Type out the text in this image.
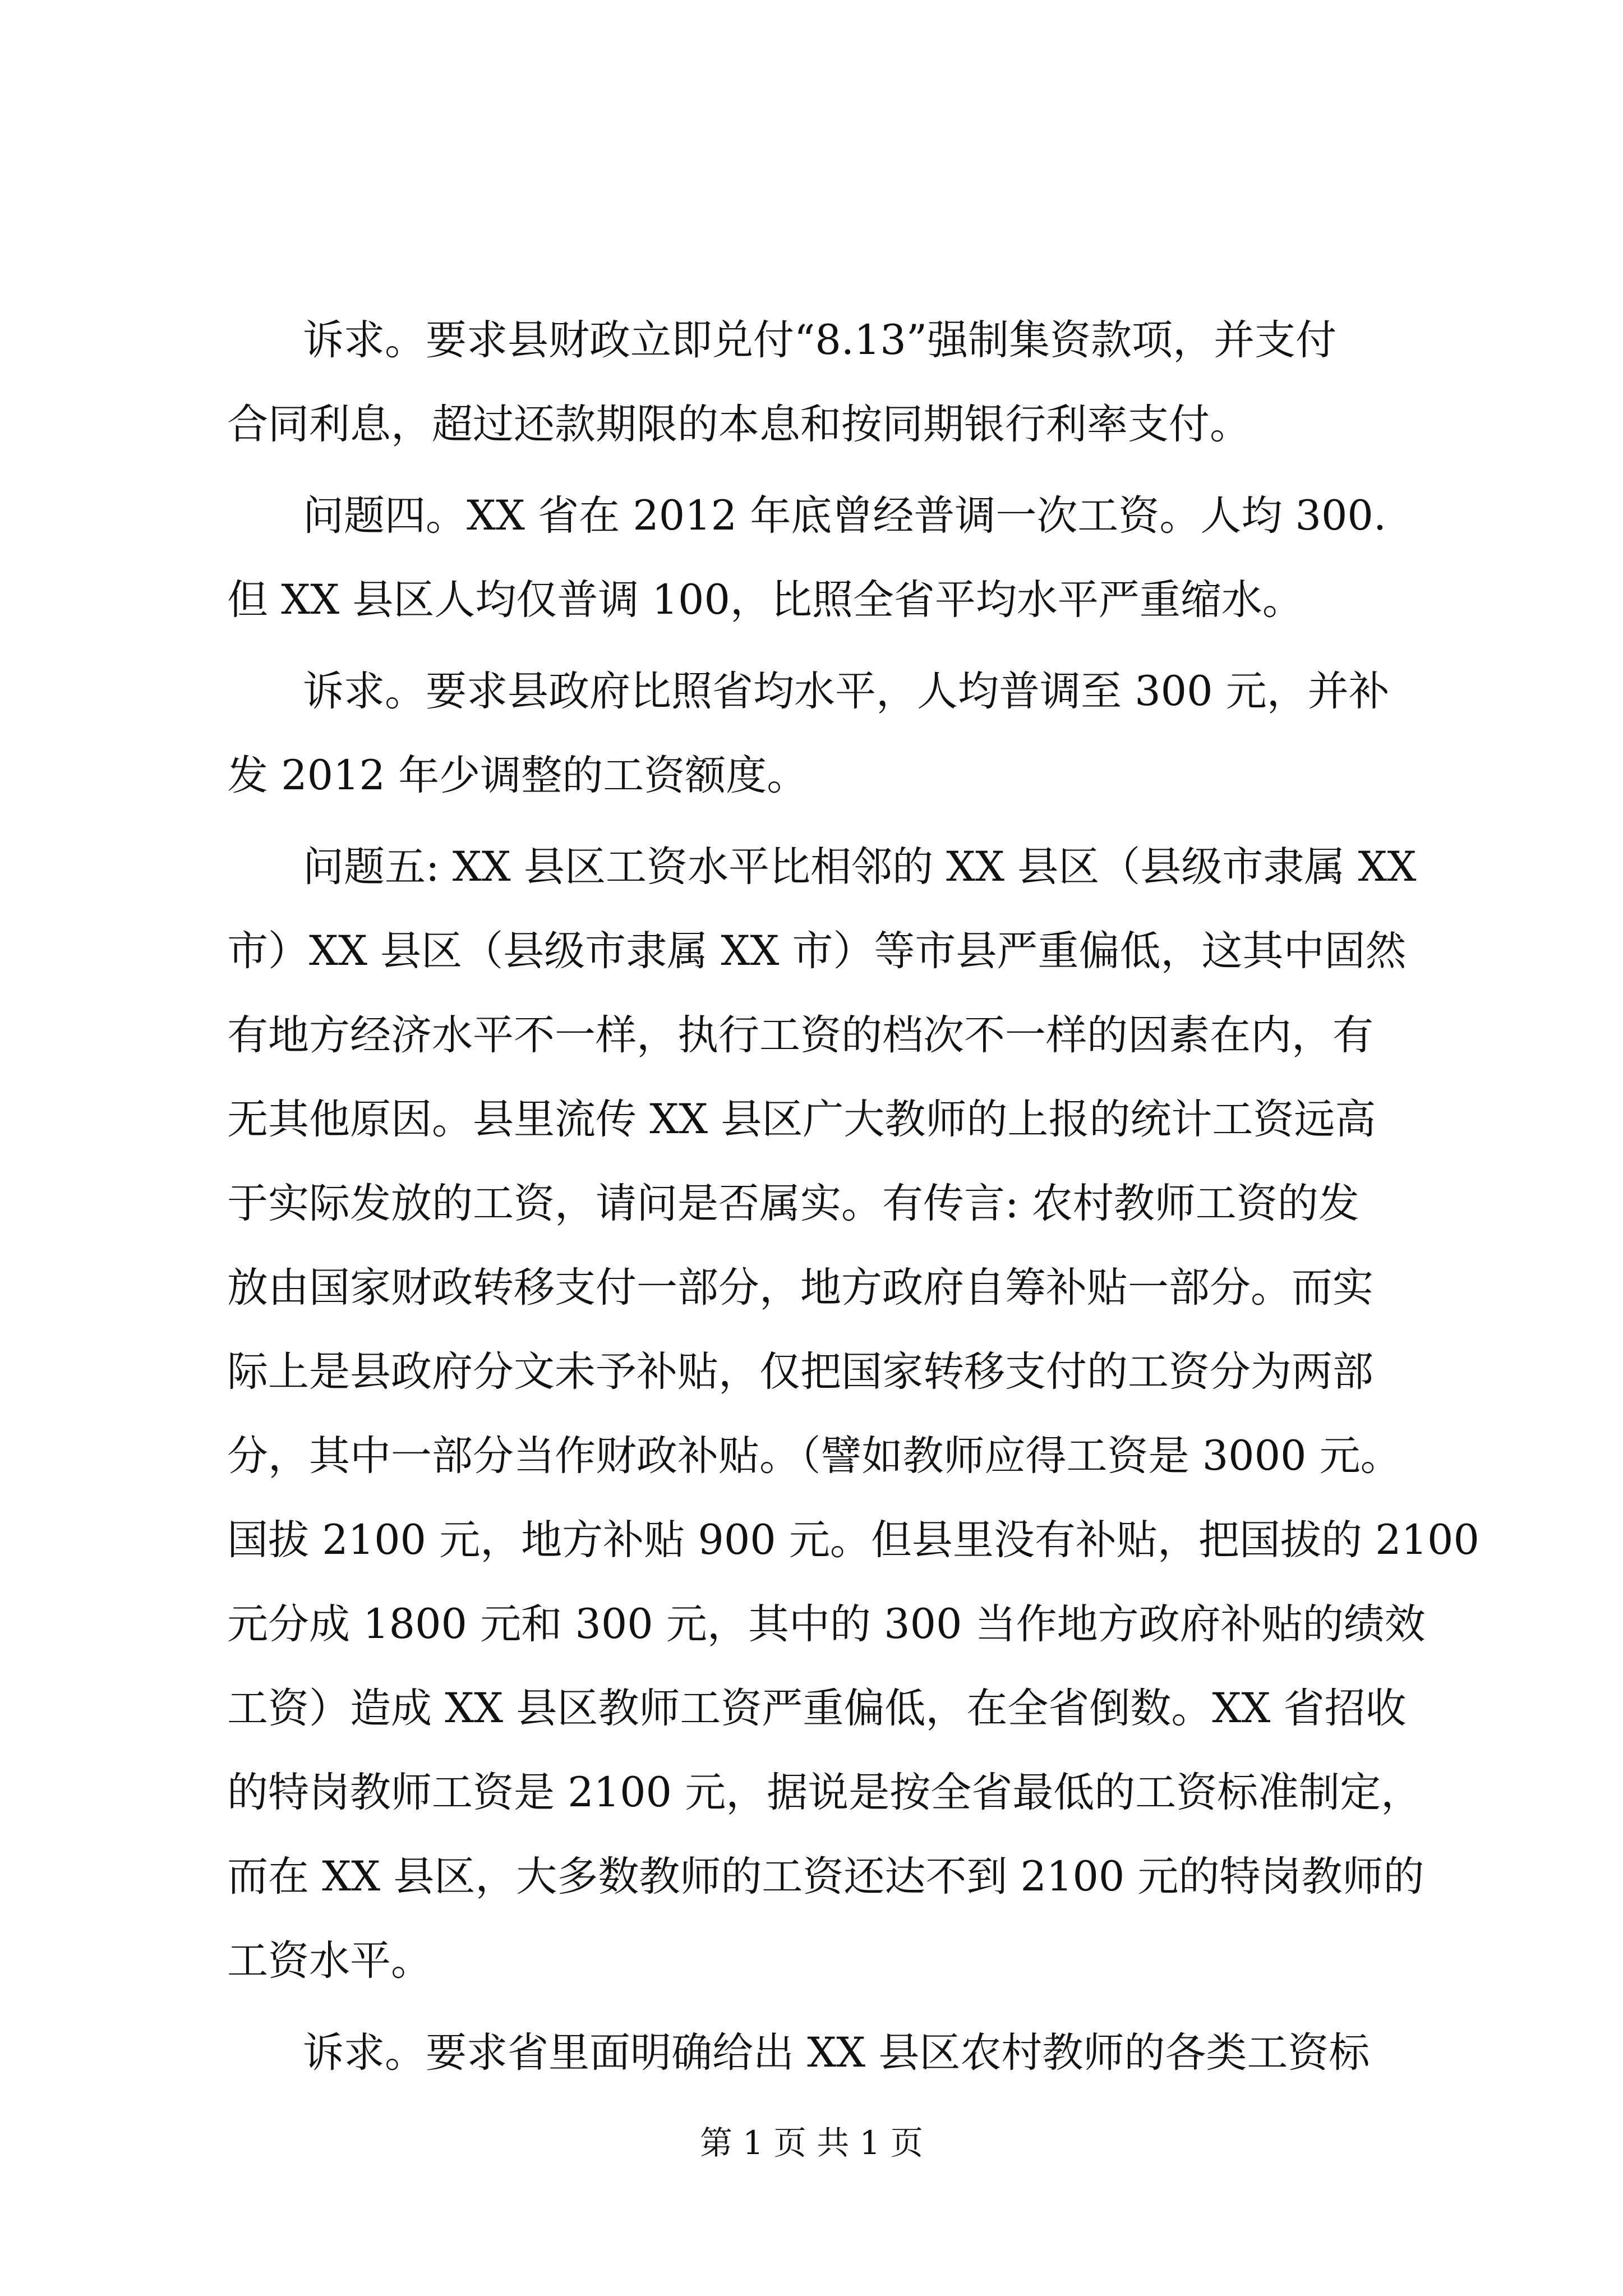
诉求。要求县财政立即兑付“8.13”强制集资款项，并支付
合同利息，超过还款期限的本息和按同期银行利率支付。
问题四。XX 省在 2012 年底曾经普调一次工资。人均 300.
但 XX 县区人均仅普调 100，比照全省平均水平严重缩水。
诉求。要求县政府比照省均水平，人均普调至 300 元，并补
发 2012 年少调整的工资额度。
问题五: XX 县区工资水平比相邻的 XX 县区（县级市隶属 XX
市）XX 县区（县级市隶属 XX 市）等市县严重偏低，这其中固然
有地方经济水平不一样，执行工资的档次不一样的因素在内，有
无其他原因。县里流传 XX 县区广大教师的上报的统计工资远高
于实际发放的工资，请问是否属实。有传言: 农村教师工资的发
放由国家财政转移支付一部分，地方政府自筹补贴一部分。而实
际上是县政府分文未予补贴，仅把国家转移支付的工资分为两部
分，其中一部分当作财政补贴。（譬如教师应得工资是 3000 元。
国拔 2100 元，地方补贴 900 元。但县里没有补贴，把国拔的 2100
元分成 1800 元和 300 元，其中的 300 当作地方政府补贴的绩效
工资）造成 XX 县区教师工资严重偏低，在全省倒数。XX 省招收
的特岗教师工资是 2100 元，据说是按全省最低的工资标准制定，
而在 XX 县区，大多数教师的工资还达不到 2100 元的特岗教师的
工资水平。
诉求。要求省里面明确给出 XX 县区农村教师的各类工资标
第 1 页 共 1 页
